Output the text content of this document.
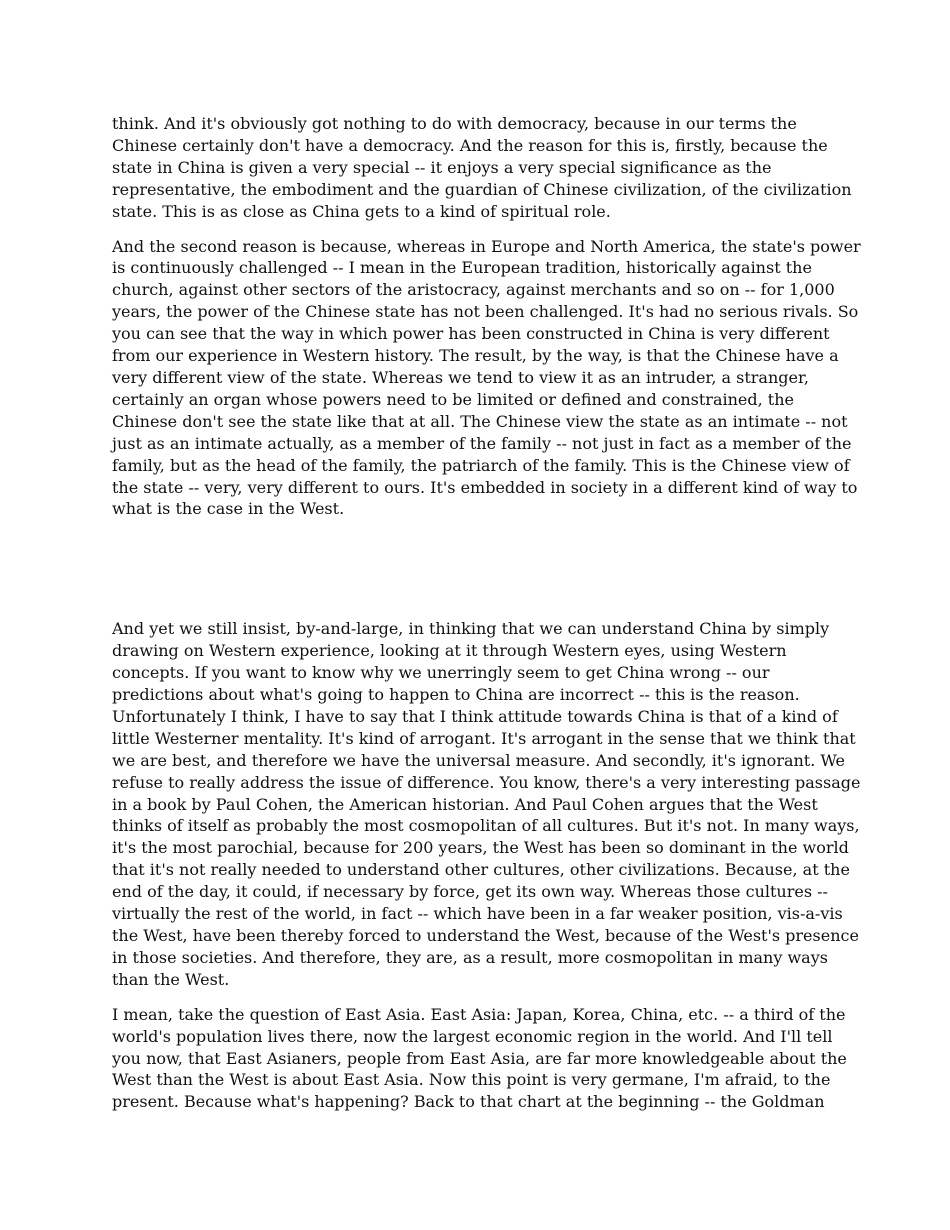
think. And it's obviously got nothing to do with democracy, because in our terms the
Chinese certainly don't have a democracy. And the reason for this is, firstly, because the
state in China is given a very special -- it enjoys a very special significance as the
representative, the embodiment and the guardian of Chinese civilization, of the civilization
state. This is as close as China gets to a kind of spiritual role.

And the second reason is because, whereas in Europe and North America, the state's power
is continuously challenged -- I mean in the European tradition, historically against the
church, against other sectors of the aristocracy, against merchants and so on -- for 1,000
years, the power of the Chinese state has not been challenged. It's had no serious rivals. So
you can see that the way in which power has been constructed in China is very different
from our experience in Western history. The result, by the way, is that the Chinese have a
very different view of the state. Whereas we tend to view it as an intruder, a stranger,
certainly an organ whose powers need to be limited or defined and constrained, the
Chinese don't see the state like that at all. The Chinese view the state as an intimate -- not
just as an intimate actually, as a member of the family -- not just in fact as a member of the
family, but as the head of the family, the patriarch of the family. This is the Chinese view of
the state -- very, very different to ours. It's embedded in society in a different kind of way to
what is the case in the West.

And yet we still insist, by-and-large, in thinking that we can understand China by simply
drawing on Western experience, looking at it through Western eyes, using Western
concepts. If you want to know why we unerringly seem to get China wrong -- our
predictions about what's going to happen to China are incorrect -- this is the reason.
Unfortunately I think, I have to say that I think attitude towards China is that of a kind of
little Westerner mentality. It's kind of arrogant. It's arrogant in the sense that we think that
we are best, and therefore we have the universal measure. And secondly, it's ignorant. We
refuse to really address the issue of difference. You know, there's a very interesting passage
in a book by Paul Cohen, the American historian. And Paul Cohen argues that the West
thinks of itself as probably the most cosmopolitan of all cultures. But it's not. In many ways,
it's the most parochial, because for 200 years, the West has been so dominant in the world
that it's not really needed to understand other cultures, other civilizations. Because, at the
end of the day, it could, if necessary by force, get its own way. Whereas those cultures --
virtually the rest of the world, in fact -- which have been in a far weaker position, vis-a-vis
the West, have been thereby forced to understand the West, because of the West's presence
in those societies. And therefore, they are, as a result, more cosmopolitan in many ways
than the West.

I mean, take the question of East Asia. East Asia: Japan, Korea, China, etc. -- a third of the
world's population lives there, now the largest economic region in the world. And I'll tell
you now, that East Asianers, people from East Asia, are far more knowledgeable about the
West than the West is about East Asia. Now this point is very germane, I'm afraid, to the
present. Because what's happening? Back to that chart at the beginning -- the Goldman
